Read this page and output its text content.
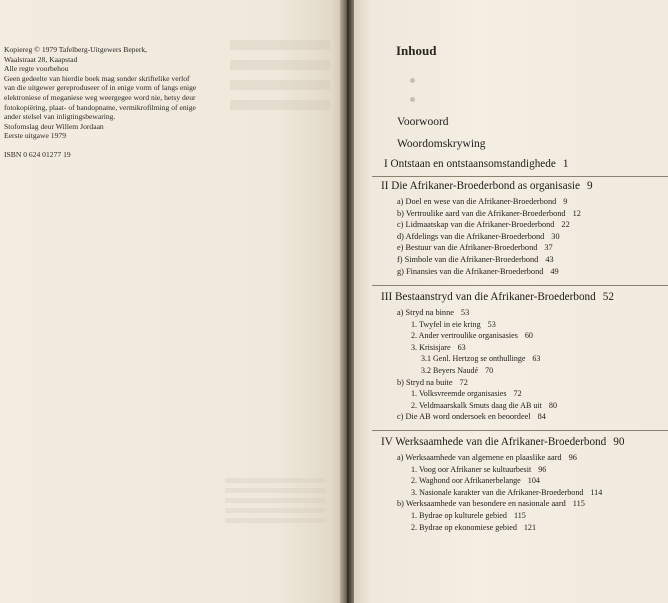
Kopiereg © 1979 Tafelberg-Uitgewers Beperk,
Waalstraat 28, Kaapstad
Alle regte voorbehou
Geen gedeelte van hierdie boek mag sonder skriftelike verlof
van die uitgewer gereproduseer of in enige vorm of langs enige
elektroniese of meganiese weg weergegee word nie, hetsy deur
fotokopiëring, plaat- of bandopname, vermikrofilming of enige
ander stelsel van inligtingsbewaring.
Stofomslag deur Willem Jordaan
Eerste uitgawe 1979
ISBN 0 624 01277 19
Inhoud
Voorwoord
Woordomskrywing
I Ontstaan en ontstaansomstandighede 1
II Die Afrikaner-Broederbond as organisasie 9
a) Doel en wese van die Afrikaner-Broederbond 9
b) Vertroulike aard van die Afrikaner-Broederbond 12
c) Lidmaatskap van die Afrikaner-Broederbond 22
d) Afdelings van die Afrikaner-Broederbond 30
e) Bestuur van die Afrikaner-Broederbond 37
f) Simbole van die Afrikaner-Broederbond 43
g) Finansies van die Afrikaner-Broederbond 49
III Bestaanstryd van die Afrikaner-Broederbond 52
a) Stryd na binne 53
1. Twyfel in eie kring 53
2. Ander vertroulike organisasies 60
3. Krisisjare 63
3.1 Genl. Hertzog se onthullinge 63
3.2 Beyers Naudé 70
b) Stryd na buite 72
1. Volksvreemde organisasies 72
2. Veldmaarskalk Smuts daag die AB uit 80
c) Die AB word ondersoek en beoordeel 84
IV Werksaamhede van die Afrikaner-Broederbond 90
a) Werksaamhede van algemene en plaaslike aard 96
1. Voog oor Afrikaner se kultuurbesit 96
2. Waghond oor Afrikanerbelange 104
3. Nasionale karakter van die Afrikaner-Broederbond 114
b) Werksaamhede van besondere en nasionale aard 115
1. Bydrae op kulturele gebied 115
2. Bydrae op ekonomiese gebied 121
